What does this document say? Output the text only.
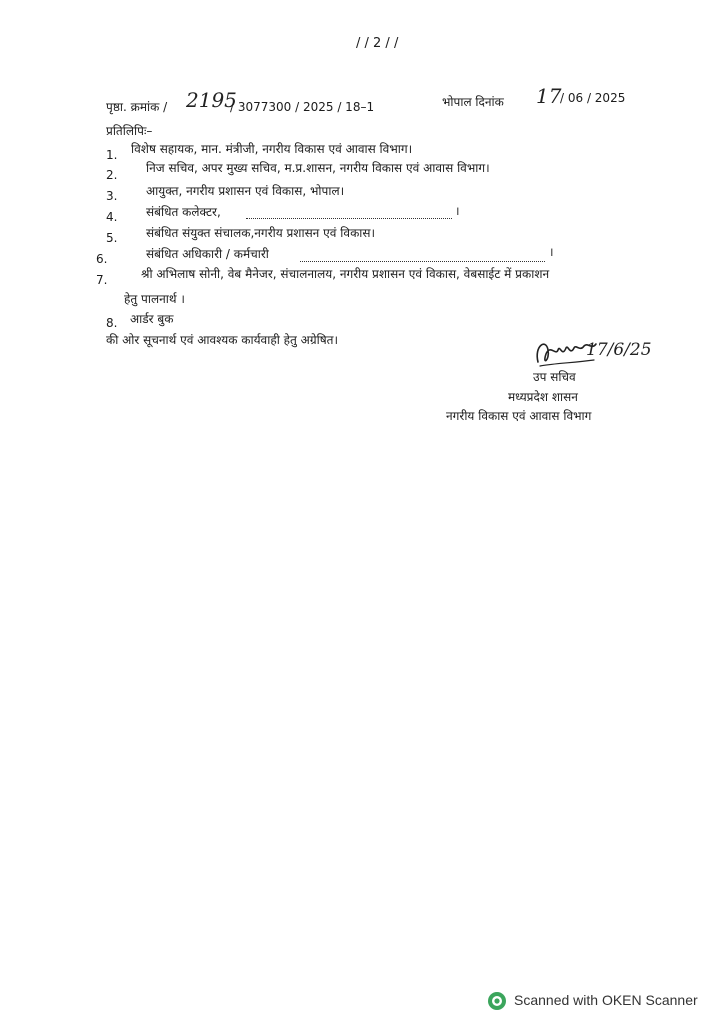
/ / 2 / /
पृष्ठा. क्रमांक / 2195
/ 3077300 / 2025 / 18–1	भोपाल दिनांक 17
/ 06 / 2025
प्रतिलिपिः–
1.	विशेष सहायक, मान. मंत्रीजी, नगरीय विकास एवं आवास विभाग।
2.	निज सचिव, अपर मुख्य सचिव, म.प्र.शासन, नगरीय विकास एवं आवास विभाग।
3.	आयुक्त, नगरीय प्रशासन एवं विकास, भोपाल।
4.	संबंधित कलेक्टर,	।
5.	संबंधित संयुक्त संचालक,नगरीय प्रशासन एवं विकास।
6.	संबंधित अधिकारी / कर्मचारी	।
7.	श्री अभिलाष सोनी, वेब मैनेजर, संचालनालय, नगरीय प्रशासन एवं विकास, वेबसाईट में प्रकाशन
हेतु पालनार्थ ।
8.	आर्डर बुक
की ओर सूचनार्थ एवं आवश्यक कार्यवाही हेतु अग्रेषित।	17/6/25
उप सचिव
मध्यप्रदेश शासन
नगरीय विकास एवं आवास विभाग
Scanned with OKEN Scanner
